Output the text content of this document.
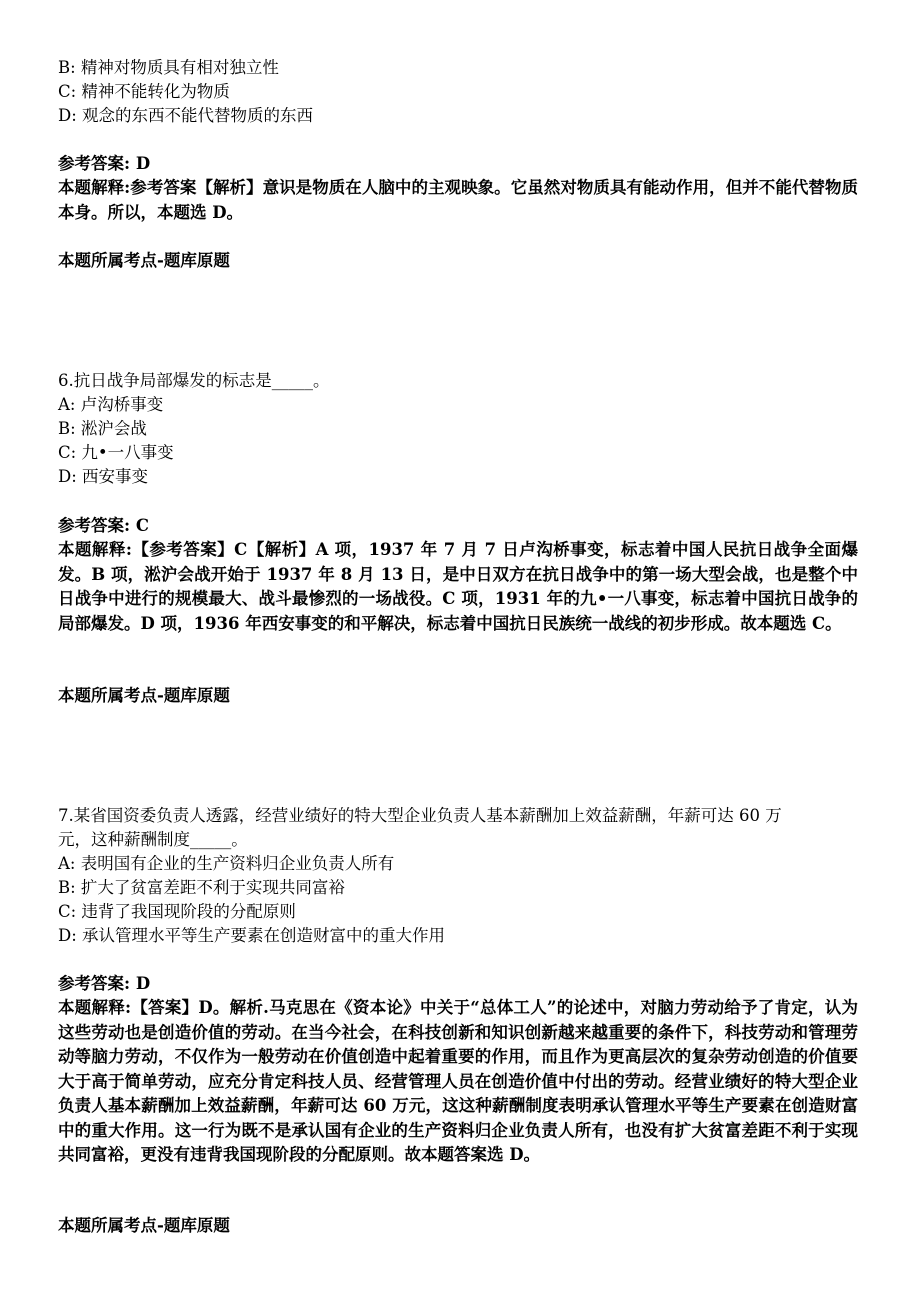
B: 精神对物质具有相对独立性
C: 精神不能转化为物质
D: 观念的东西不能代替物质的东西
参考答案: D
本题解释:参考答案【解析】意识是物质在人脑中的主观映象。它虽然对物质具有能动作用，但并不能代替物质本身。所以，本题选 D。
本题所属考点-题库原题
6.抗日战争局部爆发的标志是_____。
A: 卢沟桥事变
B: 淞沪会战
C: 九•一八事变
D: 西安事变
参考答案: C
本题解释:【参考答案】C【解析】A 项，1937 年 7 月 7 日卢沟桥事变，标志着中国人民抗日战争全面爆发。B 项，淞沪会战开始于 1937 年 8 月 13 日，是中日双方在抗日战争中的第一场大型会战，也是整个中日战争中进行的规模最大、战斗最惨烈的一场战役。C 项，1931 年的九•一八事变，标志着中国抗日战争的局部爆发。D 项，1936 年西安事变的和平解决，标志着中国抗日民族统一战线的初步形成。故本题选 C。
本题所属考点-题库原题
7.某省国资委负责人透露，经营业绩好的特大型企业负责人基本薪酬加上效益薪酬，年薪可达 60 万
元，这种薪酬制度_____。
A: 表明国有企业的生产资料归企业负责人所有
B: 扩大了贫富差距不利于实现共同富裕
C: 违背了我国现阶段的分配原则
D: 承认管理水平等生产要素在创造财富中的重大作用
参考答案: D
本题解释:【答案】D。解析.马克思在《资本论》中关于“总体工人”的论述中，对脑力劳动给予了肯定，认为这些劳动也是创造价值的劳动。在当今社会，在科技创新和知识创新越来越重要的条件下，科技劳动和管理劳动等脑力劳动，不仅作为一般劳动在价值创造中起着重要的作用，而且作为更高层次的复杂劳动创造的价值要大于高于简单劳动，应充分肯定科技人员、经营管理人员在创造价值中付出的劳动。经营业绩好的特大型企业负责人基本薪酬加上效益薪酬，年薪可达 60 万元，这这种薪酬制度表明承认管理水平等生产要素在创造财富中的重大作用。这一行为既不是承认国有企业的生产资料归企业负责人所有，也没有扩大贫富差距不利于实现共同富裕，更没有违背我国现阶段的分配原则。故本题答案选 D。
本题所属考点-题库原题
